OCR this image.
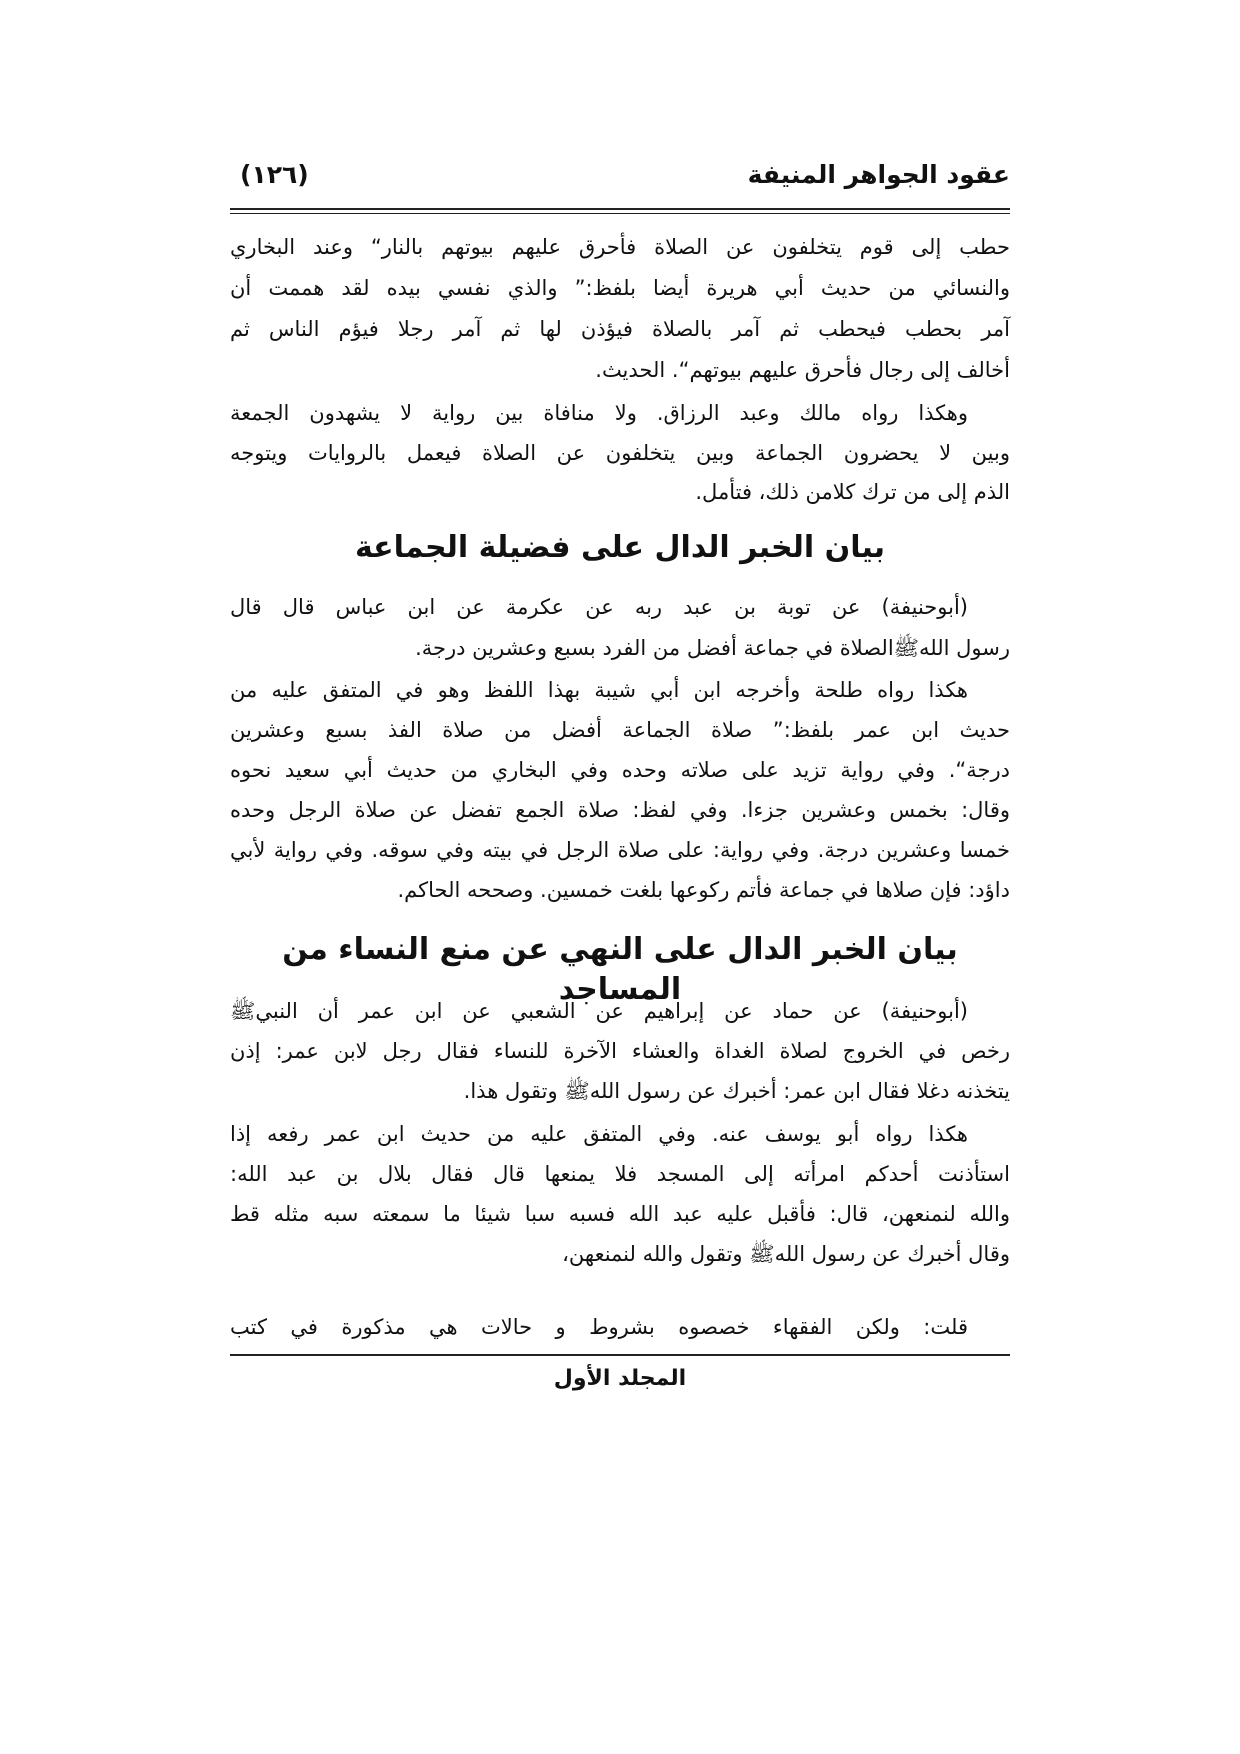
عقود الجواهر المنيفة
(١٢٦)
حطب إلى قوم يتخلفون عن الصلاة فأحرق عليهم بيوتهم بالنار“ وعند البخاري
والنسائي من حديث أبي هريرة أيضا بلفظ:” والذي نفسي بيده لقد هممت أن
آمر بحطب فيحطب ثم آمر بالصلاة فيؤذن لها ثم آمر رجلا فيؤم الناس ثم
أخالف إلى رجال فأحرق عليهم بيوتهم“. الحديث.
وهكذا رواه مالك وعبد الرزاق. ولا منافاة بين رواية لا يشهدون الجمعة
وبين لا يحضرون الجماعة وبين يتخلفون عن الصلاة فيعمل بالروايات ويتوجه
الذم إلى من ترك كلامن ذلك، فتأمل.
بيان الخبر الدال على فضيلة الجماعة
(أبوحنيفة) عن توبة بن عبد ربه عن عكرمة عن ابن عباس قال قال
رسول اللهﷺالصلاة في جماعة أفضل من الفرد بسبع وعشرين درجة.
هكذا رواه طلحة وأخرجه ابن أبي شيبة بهذا اللفظ وهو في المتفق عليه من
حديث ابن عمر بلفظ:” صلاة الجماعة أفضل من صلاة الفذ بسبع وعشرين
درجة“. وفي رواية تزيد على صلاته وحده وفي البخاري من حديث أبي سعيد نحوه
وقال: بخمس وعشرين جزءا. وفي لفظ: صلاة الجمع تفضل عن صلاة الرجل وحده
خمسا وعشرين درجة. وفي رواية: على صلاة الرجل في بيته وفي سوقه. وفي رواية لأبي
داؤد: فإن صلاها في جماعة فأتم ركوعها بلغت خمسين. وصححه الحاكم.
بيان الخبر الدال على النهي عن منع النساء من المساجد
(أبوحنيفة) عن حماد عن إبراهيم عن الشعبي عن ابن عمر أن النبيﷺ
رخص في الخروج لصلاة الغداة والعشاء الآخرة للنساء فقال رجل لابن عمر: إذن
يتخذنه دغلا فقال ابن عمر: أخبرك عن رسول اللهﷺ وتقول هذا.
هكذا رواه أبو يوسف عنه. وفي المتفق عليه من حديث ابن عمر رفعه إذا
استأذنت أحدكم امرأته إلى المسجد فلا يمنعها قال فقال بلال بن عبد الله:
والله لنمنعهن، قال: فأقبل عليه عبد الله فسبه سبا شيئا ما سمعته سبه مثله قط
وقال أخبرك عن رسول اللهﷺ وتقول والله لنمنعهن،
قلت: ولكن الفقهاء خصصوه بشروط و حالات هي مذكورة في كتب
المجلد الأول
